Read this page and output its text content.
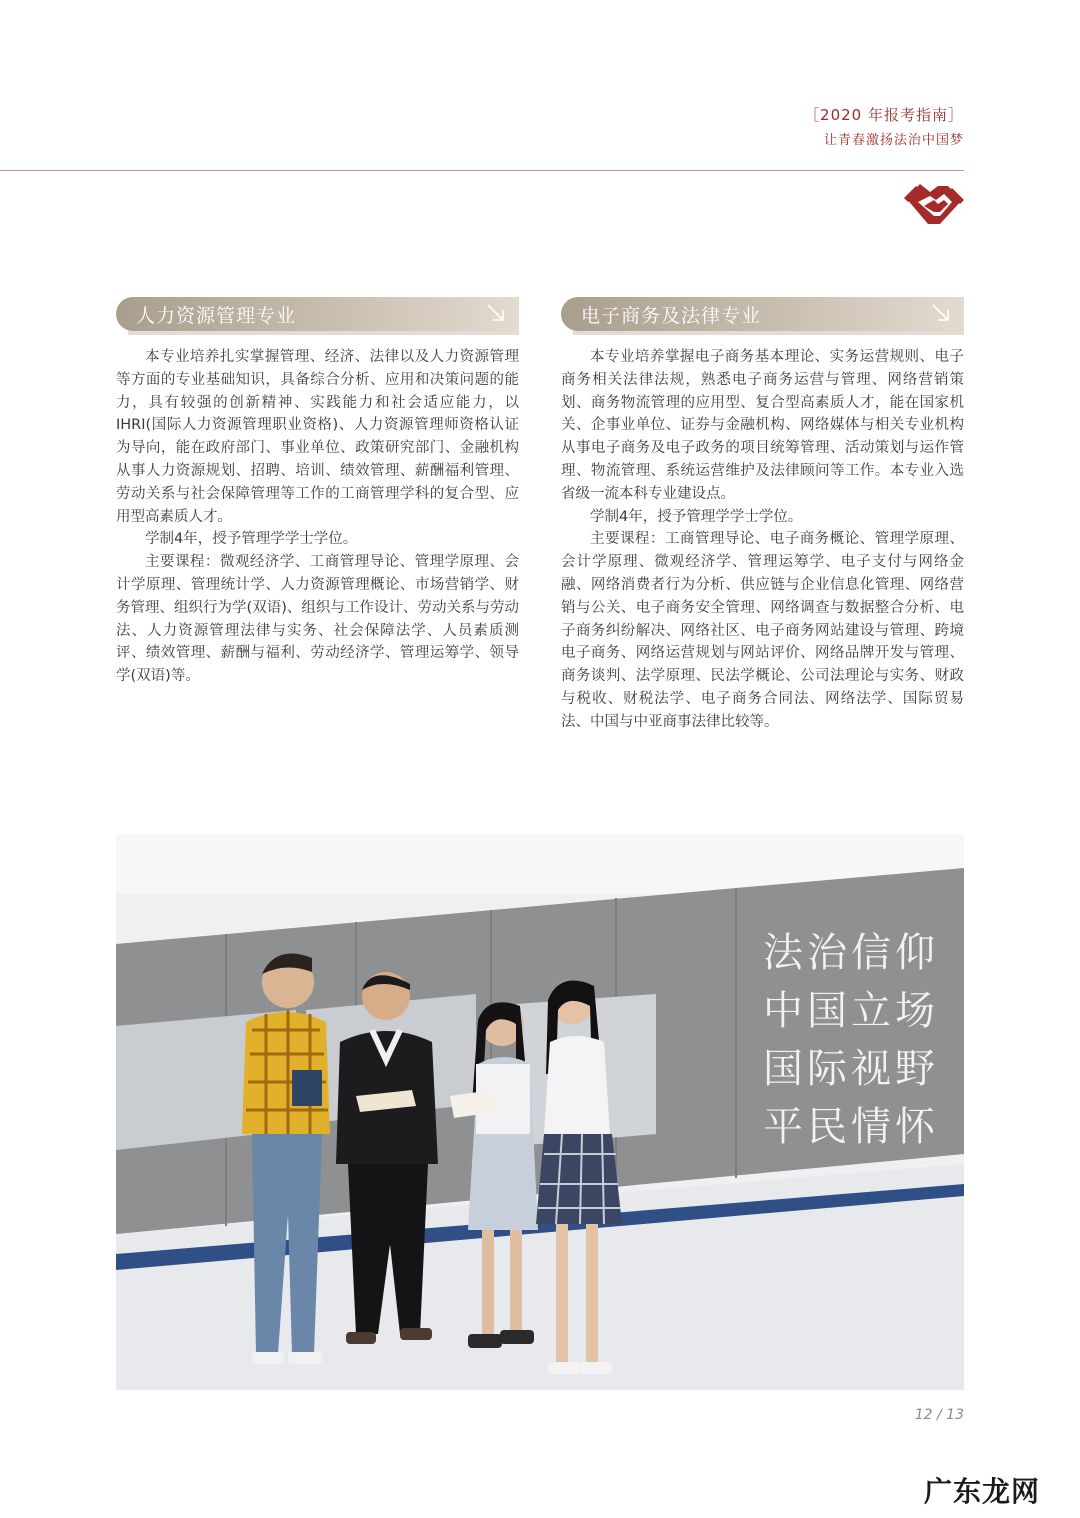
［2020 年报考指南］
让青春激扬法治中国梦
人力资源管理专业

本专业培养扎实掌握管理、经济、法律以及人力资源管理等方面的专业基础知识，具备综合分析、应用和决策问题的能力，具有较强的创新精神、实践能力和社会适应能力，以IHRI(国际人力资源管理职业资格)、人力资源管理师资格认证为导向，能在政府部门、事业单位、政策研究部门、金融机构从事人力资源规划、招聘、培训、绩效管理、薪酬福利管理、劳动关系与社会保障管理等工作的工商管理学科的复合型、应用型高素质人才。

学制4年，授予管理学学士学位。

主要课程：微观经济学、工商管理导论、管理学原理、会计学原理、管理统计学、人力资源管理概论、市场营销学、财务管理、组织行为学(双语)、组织与工作设计、劳动关系与劳动法、人力资源管理法律与实务、社会保障法学、人员素质测评、绩效管理、薪酬与福利、劳动经济学、管理运筹学、领导学(双语)等。

电子商务及法律专业

本专业培养掌握电子商务基本理论、实务运营规则、电子商务相关法律法规，熟悉电子商务运营与管理、网络营销策划、商务物流管理的应用型、复合型高素质人才，能在国家机关、企事业单位、证券与金融机构、网络媒体与相关专业机构从事电子商务及电子政务的项目统筹管理、活动策划与运作管理、物流管理、系统运营维护及法律顾问等工作。本专业入选省级一流本科专业建设点。

学制4年，授予管理学学士学位。

主要课程：工商管理导论、电子商务概论、管理学原理、会计学原理、微观经济学、管理运筹学、电子支付与网络金融、网络消费者行为分析、供应链与企业信息化管理、网络营销与公关、电子商务安全管理、网络调查与数据整合分析、电子商务纠纷解决、网络社区、电子商务网站建设与管理、跨境电子商务、网络运营规划与网站评价、网络品牌开发与管理、商务谈判、法学原理、民法学概论、公司法理论与实务、财政与税收、财税法学、电子商务合同法、网络法学、国际贸易法、中国与中亚商事法律比较等。

法治信仰
中国立场
国际视野
平民情怀
12 / 13
广东龙网
